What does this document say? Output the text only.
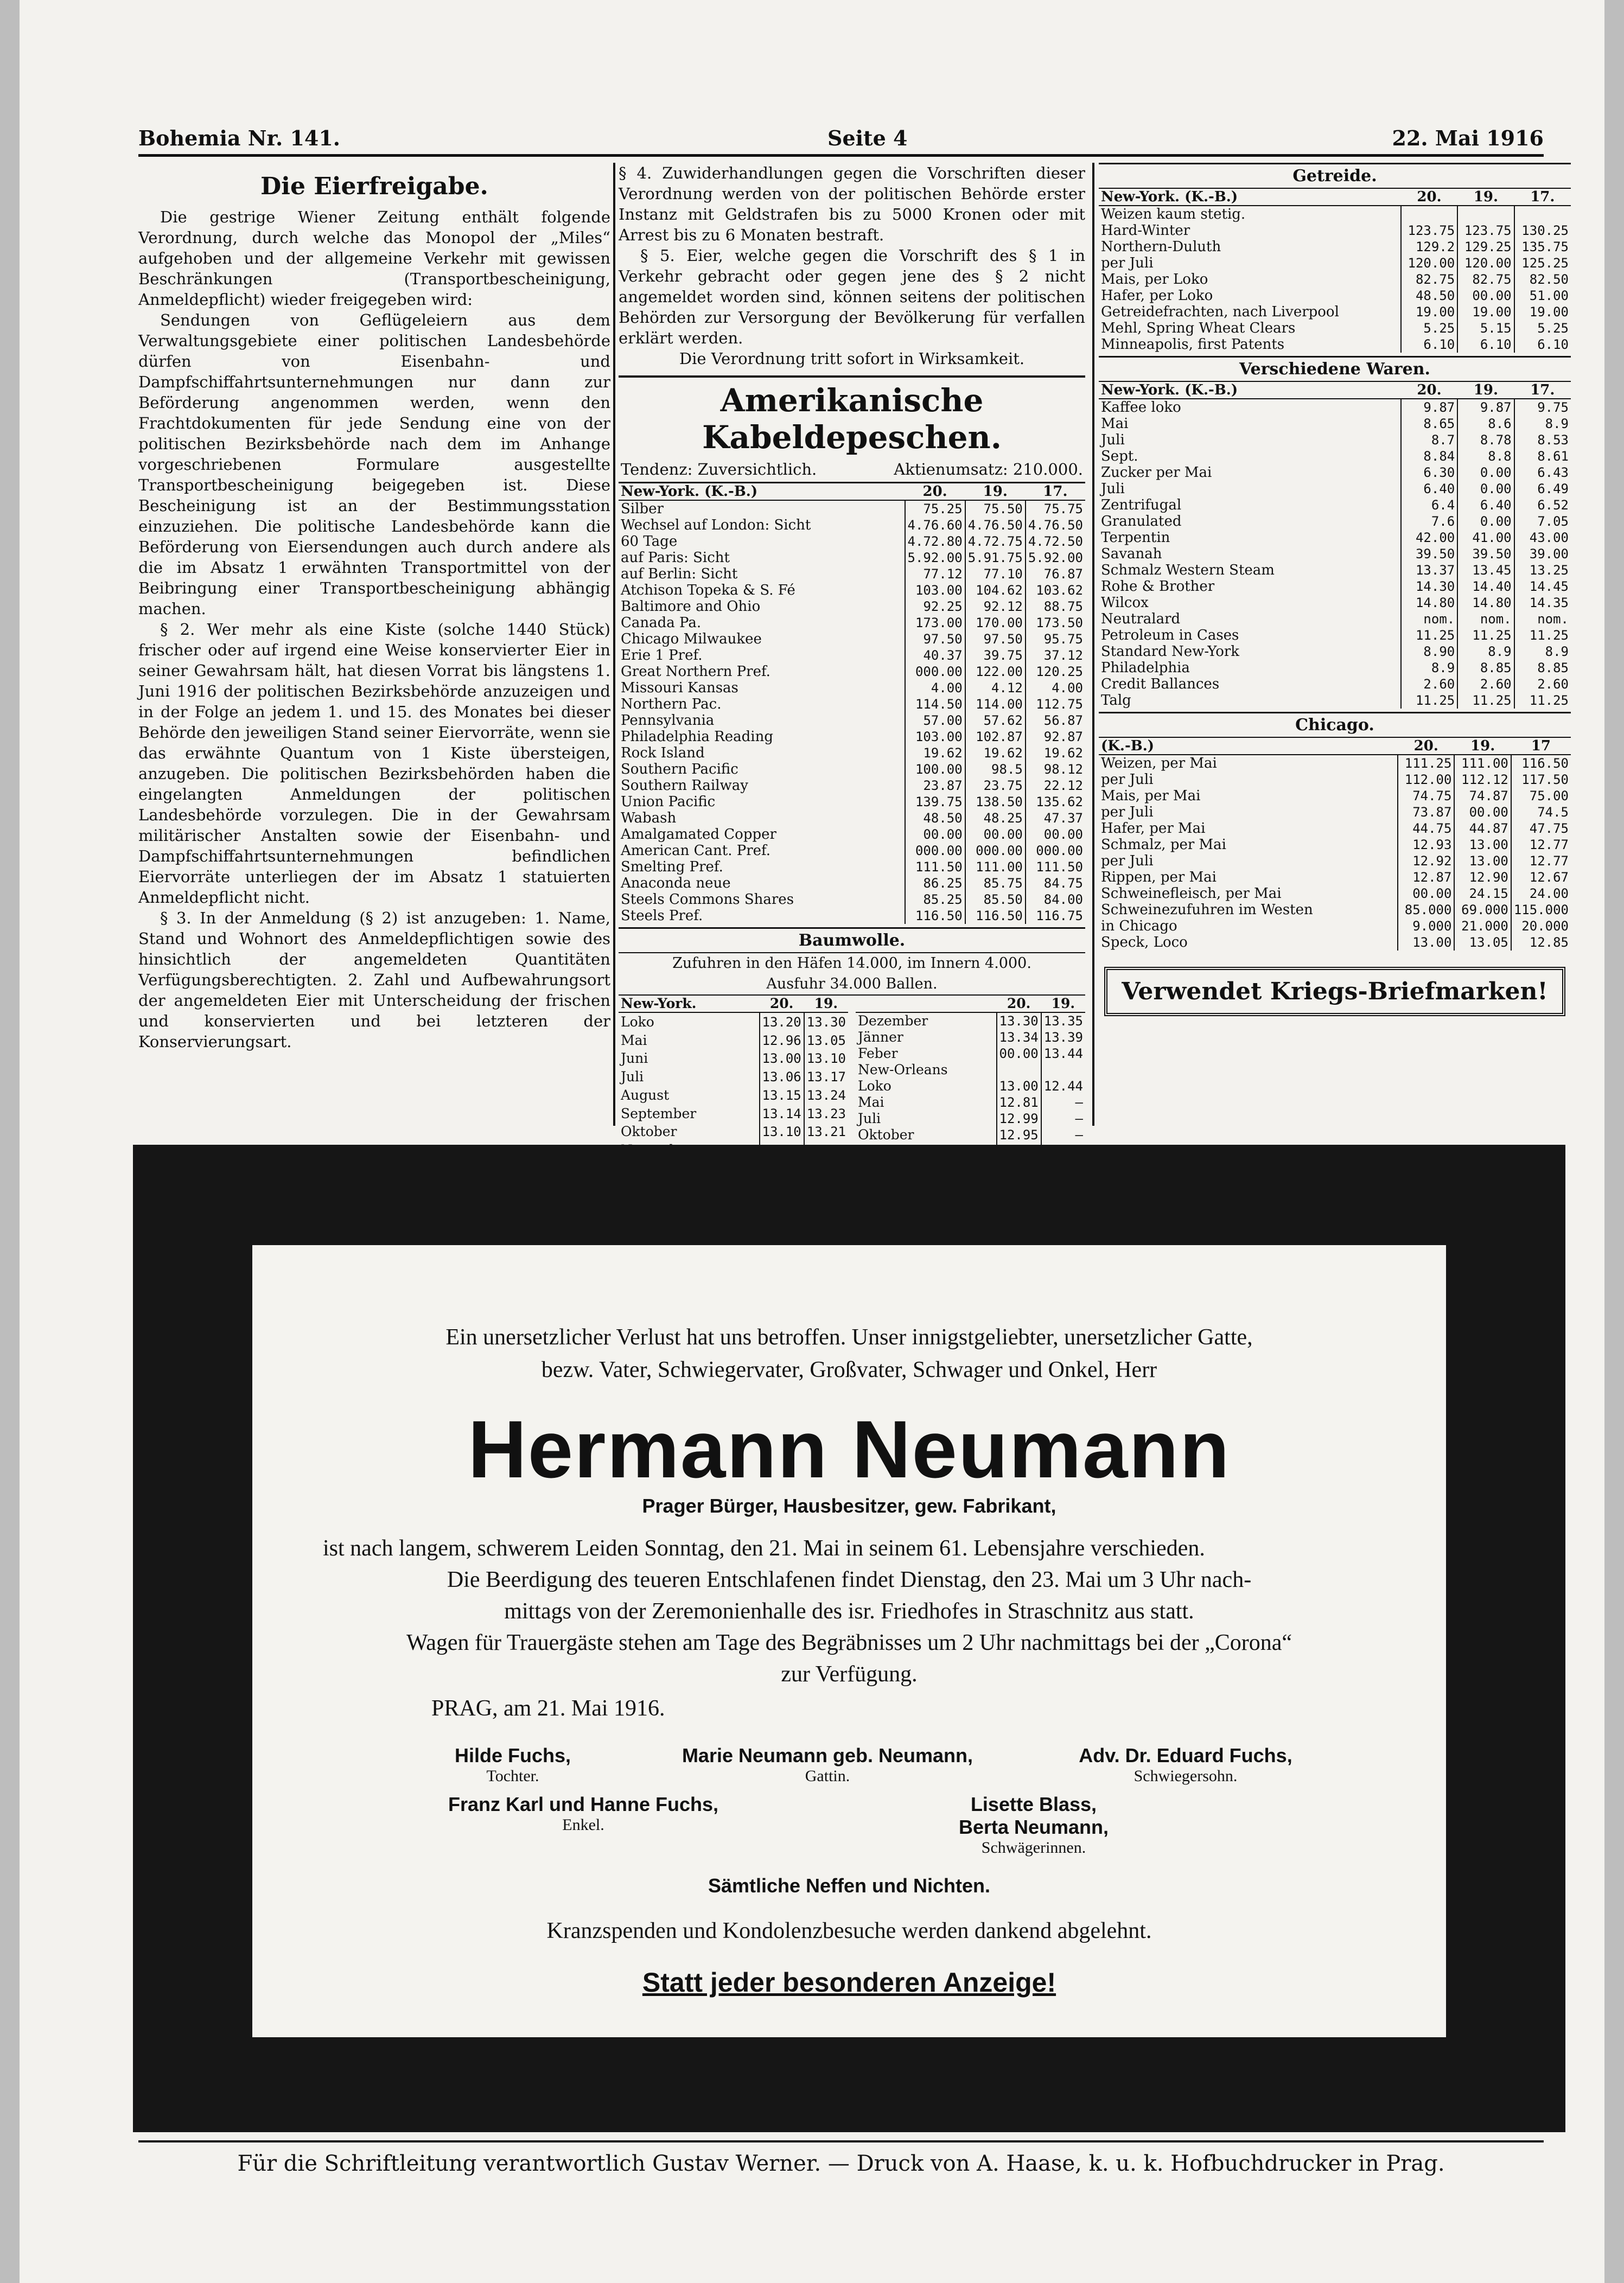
Bohemia Nr. 141.	Seite 4	22. Mai 1916
Die Eierfreigabe.

Die gestrige Wiener Zeitung enthält folgende Verordnung, durch welche das Monopol der „Miles“ aufgehoben und der allgemeine Verkehr mit gewissen Beschränkungen (Transportbescheinigung, Anmeldepflicht) wieder freigegeben wird:

Sendungen von Geflügeleiern aus dem Verwaltungsgebiete einer politischen Landesbehörde dürfen von Eisenbahn- und Dampfschiffahrtsunternehmungen nur dann zur Beförderung angenommen werden, wenn den Frachtdokumenten für jede Sendung eine von der politischen Bezirksbehörde nach dem im Anhange vorgeschriebenen Formulare ausgestellte Transportbescheinigung beigegeben ist. Diese Bescheinigung ist an der Bestimmungsstation einzuziehen. Die politische Landesbehörde kann die Beförderung von Eiersendungen auch durch andere als die im Absatz 1 erwähnten Transportmittel von der Beibringung einer Transportbescheinigung abhängig machen.

§ 2. Wer mehr als eine Kiste (solche 1440 Stück) frischer oder auf irgend eine Weise konservierter Eier in seiner Gewahrsam hält, hat diesen Vorrat bis längstens 1. Juni 1916 der politischen Bezirksbehörde anzuzeigen und in der Folge an jedem 1. und 15. des Monates bei dieser Behörde den jeweiligen Stand seiner Eiervorräte, wenn sie das erwähnte Quantum von 1 Kiste übersteigen, anzugeben. Die politischen Bezirksbehörden haben die eingelangten Anmeldungen der politischen Landesbehörde vorzulegen. Die in der Gewahrsam militärischer Anstalten sowie der Eisenbahn- und Dampfschiffahrtsunternehmungen befindlichen Eiervorräte unterliegen der im Absatz 1 statuierten Anmeldepflicht nicht.

§ 3. In der Anmeldung (§ 2) ist anzugeben: 1. Name, Stand und Wohnort des Anmeldepflichtigen sowie des hinsichtlich der angemeldeten Quantitäten Verfügungsberechtigten. 2. Zahl und Aufbewahrungsort der angemeldeten Eier mit Unterscheidung der frischen und konservierten und bei letzteren der Konservierungsart.

§ 4. Zuwiderhandlungen gegen die Vorschriften dieser Verordnung werden von der politischen Behörde erster Instanz mit Geldstrafen bis zu 5000 Kronen oder mit Arrest bis zu 6 Monaten bestraft.

§ 5. Eier, welche gegen die Vorschrift des § 1 in Verkehr gebracht oder gegen jene des § 2 nicht angemeldet worden sind, können seitens der politischen Behörden zur Versorgung der Bevölkerung für verfallen erklärt werden.

Die Verordnung tritt sofort in Wirksamkeit.

Amerikanische Kabeldepeschen.
Tendenz: Zuversichtlich.	Aktienumsatz: 210.000.
New-York. (K.-B.)	20.	19.	17.
Silber	75.25	75.50	75.75
Wechsel auf London: Sicht	4.76.60	4.76.50	4.76.50
60 Tage	4.72.80	4.72.75	4.72.50
auf Paris: Sicht	5.92.00	5.91.75	5.92.00
auf Berlin: Sicht	77.12	77.10	76.87
Atchison Topeka & S. Fé	103.00	104.62	103.62
Baltimore and Ohio	92.25	92.12	88.75
Canada Pa.	173.00	170.00	173.50
Chicago Milwaukee	97.50	97.50	95.75
Erie 1 Pref.	40.37	39.75	37.12
Great Northern Pref.	000.00	122.00	120.25
Missouri Kansas	4.00	4.12	4.00
Northern Pac.	114.50	114.00	112.75
Pennsylvania	57.00	57.62	56.87
Philadelphia Reading	103.00	102.87	92.87
Rock Island	19.62	19.62	19.62
Southern Pacific	100.00	98.5	98.12
Southern Railway	23.87	23.75	22.12
Union Pacific	139.75	138.50	135.62
Wabash	48.50	48.25	47.37
Amalgamated Copper	00.00	00.00	00.00
American Cant. Pref.	000.00	000.00	000.00
Smelting Pref.	111.50	111.00	111.50
Anaconda neue	86.25	85.75	84.75
Steels Commons Shares	85.25	85.50	84.00
Steels Pref.	116.50	116.50	116.75
Baumwolle.

Zufuhren in den Häfen 14.000, im Innern 4.000.

Ausfuhr 34.000 Ballen.

New-York.	20.	19.
Loko	13.20	13.30
Mai	12.96	13.05
Juni	13.00	13.10
Juli	13.06	13.17
August	13.15	13.24
September	13.14	13.23
Oktober	13.10	13.21

	20.	19.
Dezember	13.30	13.35
Jänner	13.34	13.39
Feber	00.00	13.44
New-Orleans		
Loko	13.00	12.44
Mai	12.81	—
Juli	12.99	—
Oktober	12.95	—

Getreide.
New-York. (K.-B.)	20.	19.	17.
Weizen kaum stetig.			
Hard-Winter	123.75	123.75	130.25
Northern-Duluth	129.2	129.25	135.75
per Juli	120.00	120.00	125.25
Mais, per Loko	82.75	82.75	82.50
Hafer, per Loko	48.50	00.00	51.00
Getreidefrachten, nach Liverpool	19.00	19.00	19.00
Mehl, Spring Wheat Clears	5.25	5.15	5.25
Minneapolis, first Patents	6.10	6.10	6.10
Verschiedene Waren.
New-York. (K.-B.)	20.	19.	17.
Kaffee loko	9.87	9.87	9.75
Mai	8.65	8.6	8.9
Juli	8.7	8.78	8.53
Sept.	8.84	8.8	8.61
Zucker per Mai	6.30	0.00	6.43
Juli	6.40	0.00	6.49
Zentrifugal	6.4	6.40	6.52
Granulated	7.6	0.00	7.05
Terpentin	42.00	41.00	43.00
Savanah	39.50	39.50	39.00
Schmalz Western Steam	13.37	13.45	13.25
Rohe & Brother	14.30	14.40	14.45
Wilcox	14.80	14.80	14.35
Neutralard	nom.	nom.	nom.
Petroleum in Cases	11.25	11.25	11.25
Standard New-York	8.90	8.9	8.9
Philadelphia	8.9	8.85	8.85
Credit Ballances	2.60	2.60	2.60
Talg	11.25	11.25	11.25
Chicago.
(K.-B.)	20.	19.	17
Weizen, per Mai	111.25	111.00	116.50
per Juli	112.00	112.12	117.50
Mais, per Mai	74.75	74.87	75.00
per Juli	73.87	00.00	74.5
Hafer, per Mai	44.75	44.87	47.75
Schmalz, per Mai	12.93	13.00	12.77
per Juli	12.92	13.00	12.77
Rippen, per Mai	12.87	12.90	12.67
Schweinefleisch, per Mai	00.00	24.15	24.00
Schweinezufuhren im Westen	85.000	69.000	115.000
in Chicago	9.000	21.000	20.000
Speck, Loco	13.00	13.05	12.85
Verwendet Kriegs-Briefmarken!
Ein unersetzlicher Verlust hat uns betroffen. Unser innigstgeliebter, unersetzlicher Gatte,
bezw. Vater, Schwiegervater, Großvater, Schwager und Onkel, Herr
Hermann Neumann
Prager Bürger, Hausbesitzer, gew. Fabrikant,
ist nach langem, schwerem Leiden Sonntag, den 21. Mai in seinem 61. Lebensjahre verschieden.
Die Beerdigung des teueren Entschlafenen findet Dienstag, den 23. Mai um 3 Uhr nach-
mittags von der Zeremonienhalle des isr. Friedhofes in Straschnitz aus statt.
Wagen für Trauergäste stehen am Tage des Begräbnisses um 2 Uhr nachmittags bei der „Corona“
zur Verfügung.
PRAG, am 21. Mai 1916.
Hilde Fuchs,
Tochter.
Marie Neumann geb. Neumann,
Gattin.
Adv. Dr. Eduard Fuchs,
Schwiegersohn.
Franz Karl und Hanne Fuchs,
Enkel.
Lisette Blass,
Berta Neumann,
Schwägerinnen.
Sämtliche Neffen und Nichten.
Kranzspenden und Kondolenzbesuche werden dankend abgelehnt.
Statt jeder besonderen Anzeige!
Für die Schriftleitung verantwortlich Gustav Werner. — Druck von A. Haase, k. u. k. Hofbuchdrucker in Prag.
